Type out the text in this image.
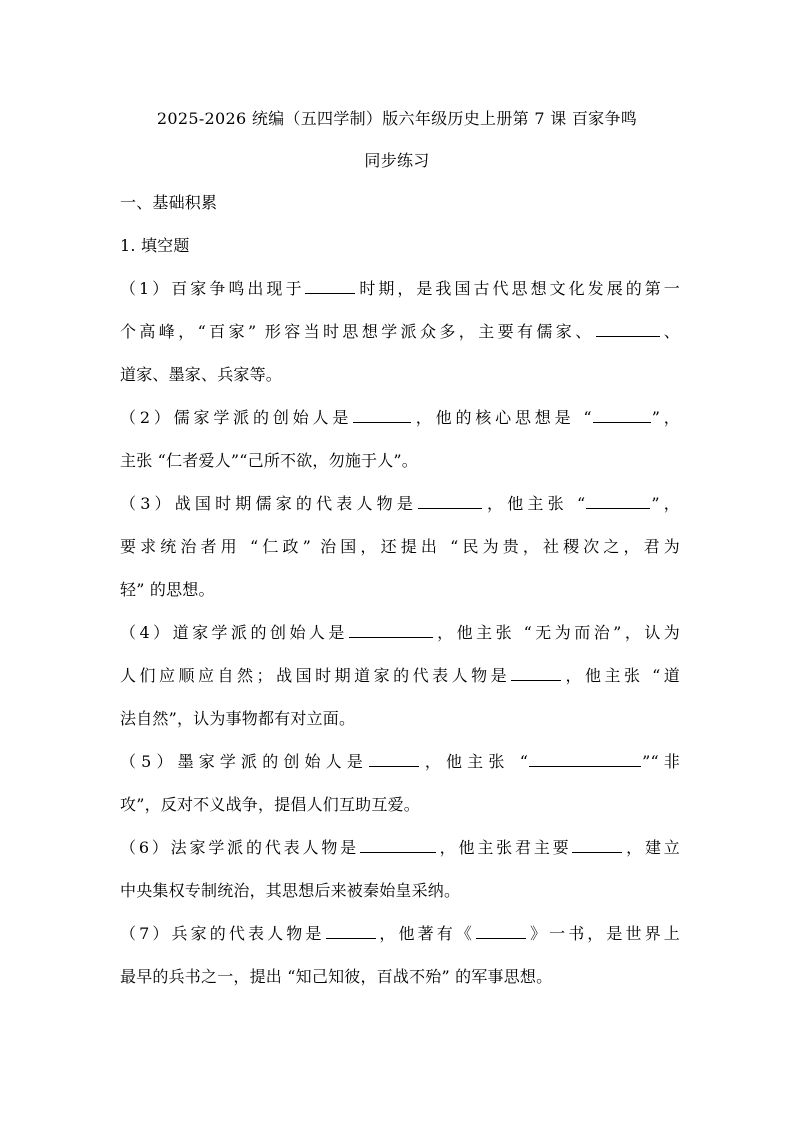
2025-2026 统编（五四学制）版六年级历史上册第 7 课 百家争鸣
同步练习
一、基础积累
1. 填空题
（1）百家争鸣出现于	时期，是我国古代思想文化发展的第一
个高峰，“百家” 形容当时思想学派众多，主要有儒家、	、
道家、墨家、兵家等。
（2）儒家学派的创始人是	，他的核心思想是 “	”，
主张 “仁者爱人”“己所不欲，勿施于人”。
（3）战国时期儒家的代表人物是	，他主张 “	”，
要求统治者用 “仁政” 治国，还提出 “民为贵，社稷次之，君为
轻” 的思想。
（4）道家学派的创始人是	，他主张 “无为而治”，认为
人们应顺应自然；战国时期道家的代表人物是	，他主张 “道
法自然”，认为事物都有对立面。
（5）墨家学派的创始人是	，他主张 “	”“非
攻”，反对不义战争，提倡人们互助互爱。
（6）法家学派的代表人物是	，他主张君主要	，建立
中央集权专制统治，其思想后来被秦始皇采纳。
（7）兵家的代表人物是	，他著有《	》一书，是世界上
最早的兵书之一，提出 “知己知彼，百战不殆” 的军事思想。
